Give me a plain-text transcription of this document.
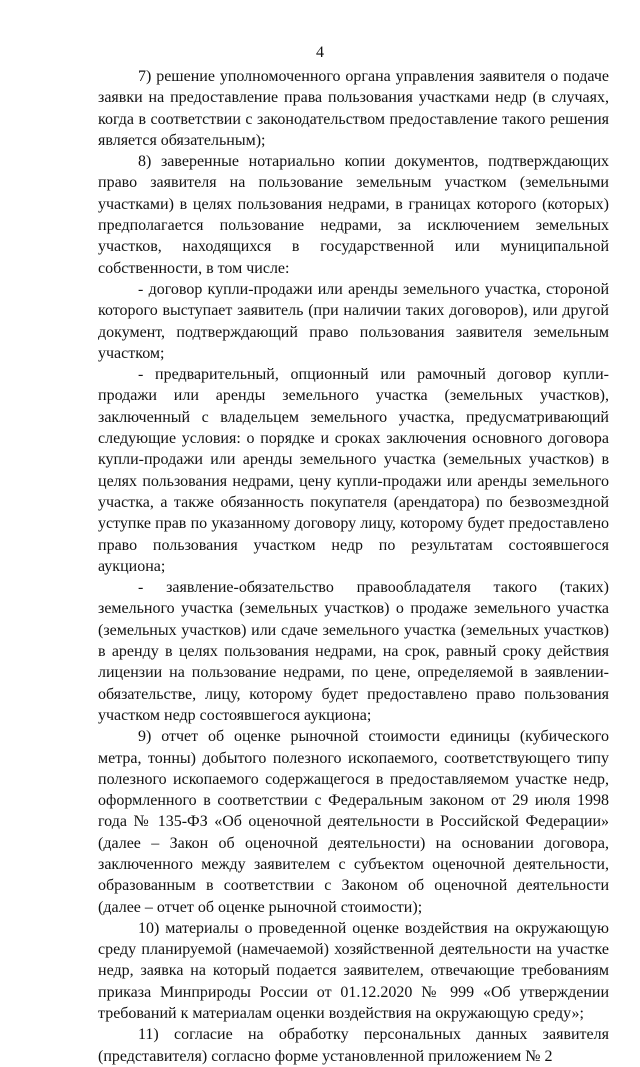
4

7) решение уполномоченного органа управления заявителя о подаче заявки на предоставление права пользования участками недр (в случаях, когда в соответствии с законодательством предоставление такого решения является обязательным);

8) заверенные нотариально копии документов, подтверждающих право заявителя на пользование земельным участком (земельными участками) в целях пользования недрами, в границах которого (которых) предполагается пользование недрами, за исключением земельных участков, находящихся в государственной или муниципальной собственности, в том числе:

- договор купли-продажи или аренды земельного участка, стороной которого выступает заявитель (при наличии таких договоров), или другой документ, подтверждающий право пользования заявителя земельным участком;

- предварительный, опционный или рамочный договор купли-продажи или аренды земельного участка (земельных участков), заключенный с владельцем земельного участка, предусматривающий следующие условия: о порядке и сроках заключения основного договора купли-продажи или аренды земельного участка (земельных участков) в целях пользования недрами, цену купли-продажи или аренды земельного участка, а также обязанность покупателя (арендатора) по безвозмездной уступке прав по указанному договору лицу, которому будет предоставлено право пользования участком недр по результатам состоявшегося аукциона;

- заявление-обязательство правообладателя такого (таких) земельного участка (земельных участков) о продаже земельного участка (земельных участков) или сдаче земельного участка (земельных участков) в аренду в целях пользования недрами, на срок, равный сроку действия лицензии на пользование недрами, по цене, определяемой в заявлении-обязательстве, лицу, которому будет предоставлено право пользования участком недр состоявшегося аукциона;

9) отчет об оценке рыночной стоимости единицы (кубического метра, тонны) добытого полезного ископаемого, соответствующего типу полезного ископаемого содержащегося в предоставляемом участке недр, оформленного в соответствии с Федеральным законом от 29 июля 1998 года № 135-ФЗ «Об оценочной деятельности в Российской Федерации» (далее – Закон об оценочной деятельности) на основании договора, заключенного между заявителем с субъектом оценочной деятельности, образованным в соответствии с Законом об оценочной деятельности (далее – отчет об оценке рыночной стоимости);

10) материалы о проведенной оценке воздействия на окружающую среду планируемой (намечаемой) хозяйственной деятельности на участке недр, заявка на который подается заявителем, отвечающие требованиям приказа Минприроды России от 01.12.2020 № 999 «Об утверждении требований к материалам оценки воздействия на окружающую среду»;

11) согласие на обработку персональных данных заявителя (представителя) согласно форме установленной приложением № 2
